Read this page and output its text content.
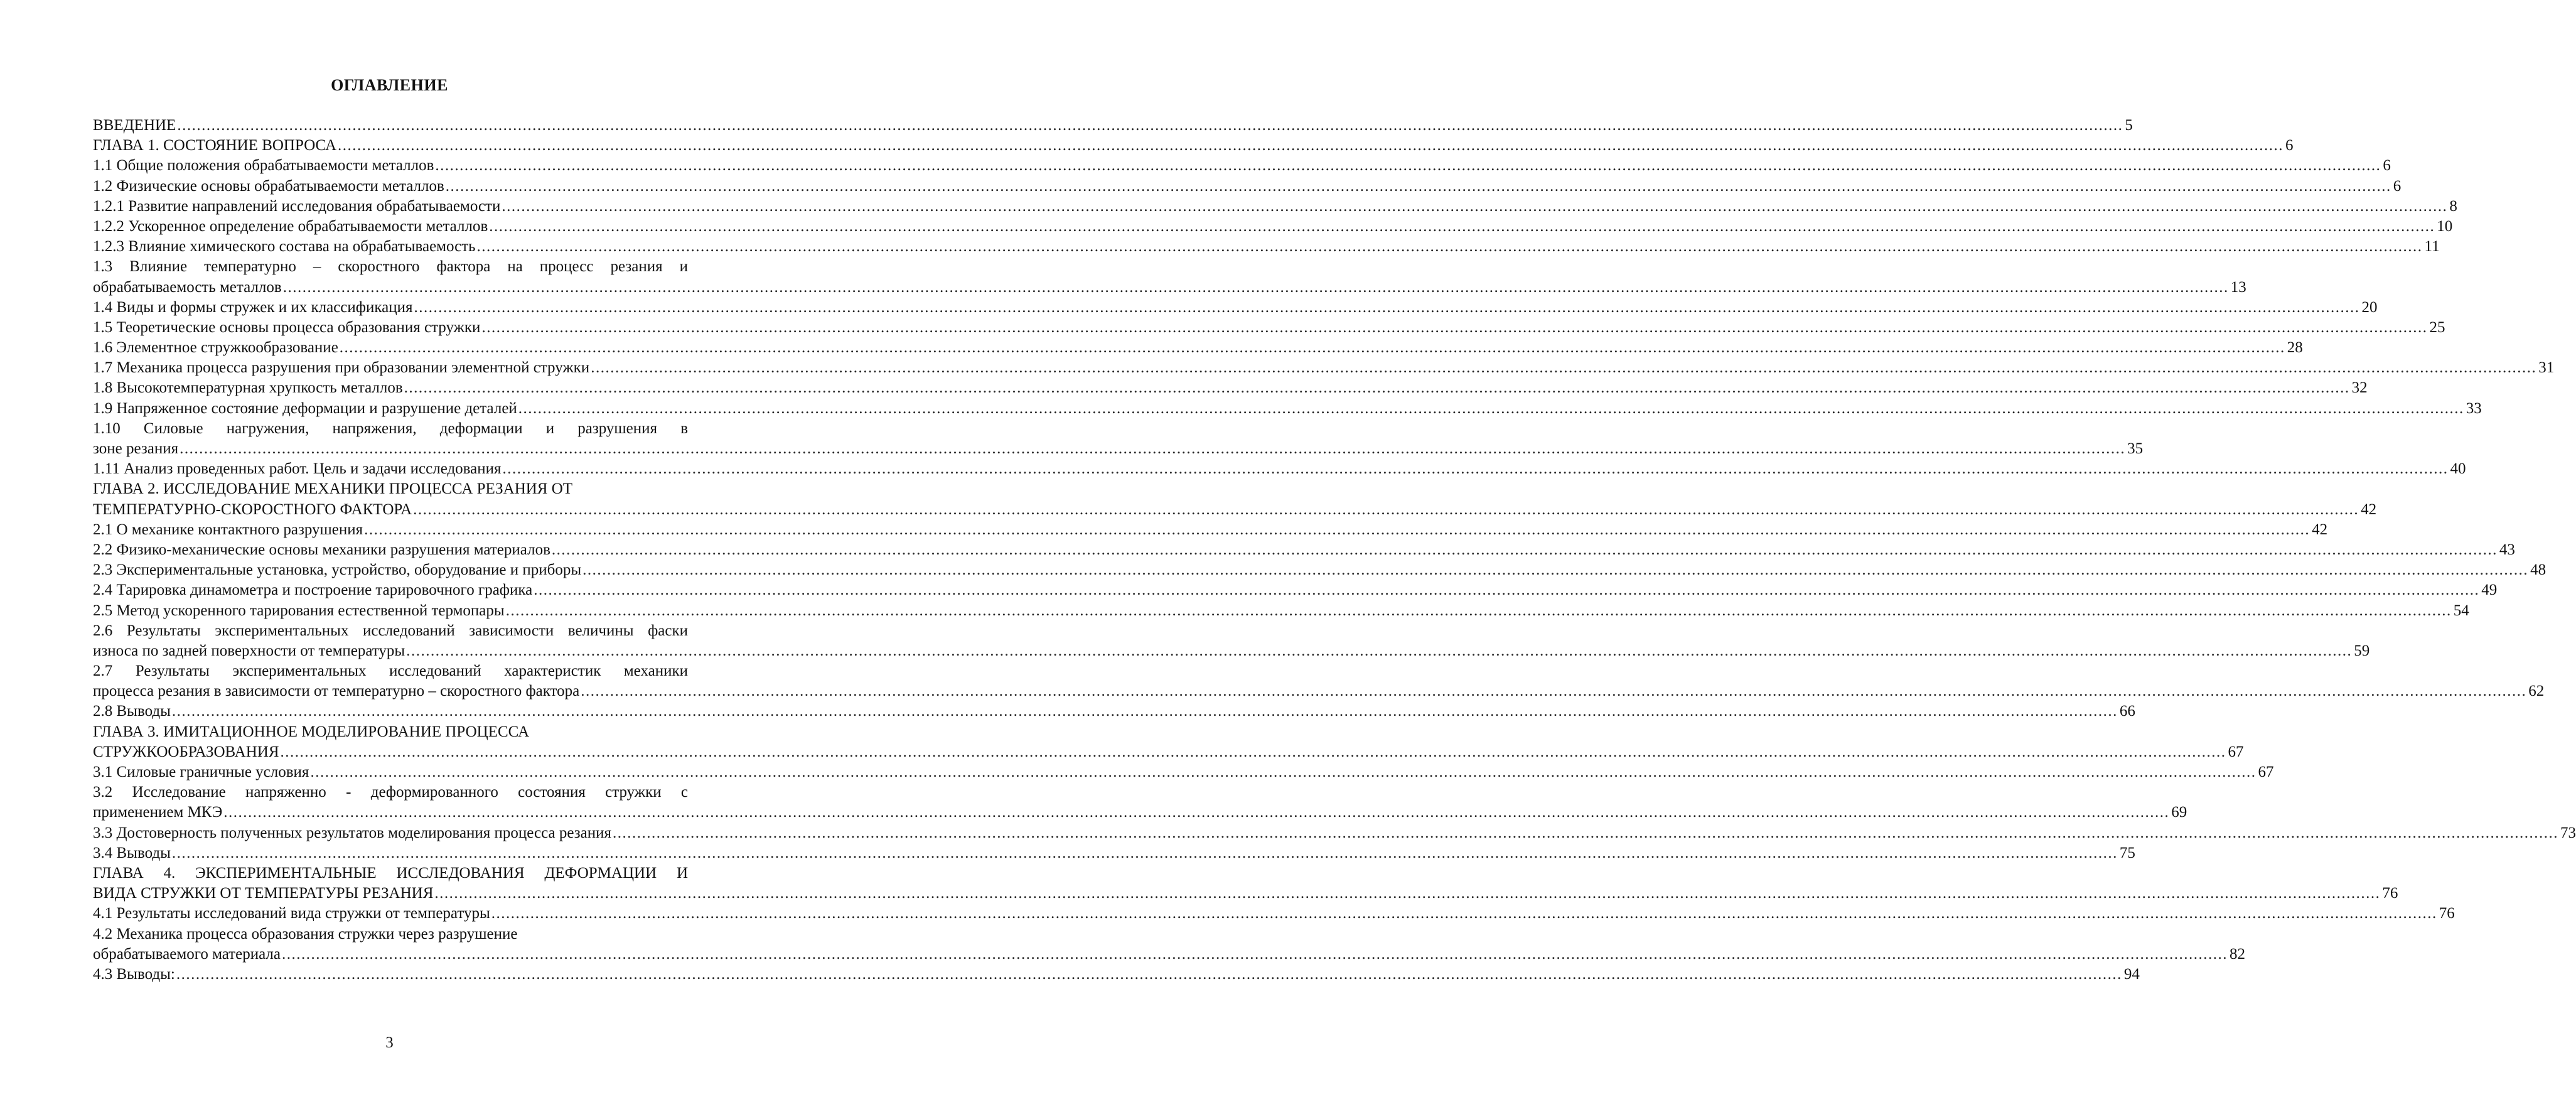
ОГЛАВЛЕНИЕ
ВВЕДЕНИЕ ................................................................................................................................................................................................................................................................................................................................................................................................................ 5
ГЛАВА 1. СОСТОЯНИЕ ВОПРОСА ................................................................................................................................................................................................................................................................................................................................................................................................................ 6
1.1 Общие положения обрабатываемости металлов ................................................................................................................................................................................................................................................................................................................................................................................................................ 6
1.2 Физические основы обрабатываемости металлов ................................................................................................................................................................................................................................................................................................................................................................................................................ 6
1.2.1 Развитие направлений исследования обрабатываемости ................................................................................................................................................................................................................................................................................................................................................................................................................ 8
1.2.2 Ускоренное определение обрабатываемости металлов ................................................................................................................................................................................................................................................................................................................................................................................................................ 10
1.2.3 Влияние химического состава на обрабатываемость ................................................................................................................................................................................................................................................................................................................................................................................................................ 11
1.3 Влияние температурно – скоростного фактора на процесс резания и
обрабатываемость металлов ................................................................................................................................................................................................................................................................................................................................................................................................................ 13
1.4 Виды и формы стружек и их классификация ................................................................................................................................................................................................................................................................................................................................................................................................................ 20
1.5 Теоретические основы процесса образования стружки ................................................................................................................................................................................................................................................................................................................................................................................................................ 25
1.6 Элементное стружкообразование ................................................................................................................................................................................................................................................................................................................................................................................................................ 28
1.7 Механика процесса разрушения при образовании элементной стружки ................................................................................................................................................................................................................................................................................................................................................................................................................ 31
1.8 Высокотемпературная хрупкость металлов ................................................................................................................................................................................................................................................................................................................................................................................................................ 32
1.9 Напряженное состояние деформации и разрушение деталей ................................................................................................................................................................................................................................................................................................................................................................................................................ 33
1.10 Силовые нагружения, напряжения, деформации и разрушения в
зоне резания ................................................................................................................................................................................................................................................................................................................................................................................................................ 35
1.11 Анализ проведенных работ. Цель и задачи исследования ................................................................................................................................................................................................................................................................................................................................................................................................................ 40
ГЛАВА 2. ИССЛЕДОВАНИЕ МЕХАНИКИ ПРОЦЕССА РЕЗАНИЯ ОТ
ТЕМПЕРАТУРНО-СКОРОСТНОГО ФАКТОРА ................................................................................................................................................................................................................................................................................................................................................................................................................ 42
2.1 О механике контактного разрушения ................................................................................................................................................................................................................................................................................................................................................................................................................ 42
2.2 Физико-механические основы механики разрушения материалов ................................................................................................................................................................................................................................................................................................................................................................................................................ 43
2.3 Экспериментальные установка, устройство, оборудование и приборы ................................................................................................................................................................................................................................................................................................................................................................................................................ 48
2.4 Тарировка динамометра и построение тарировочного графика ................................................................................................................................................................................................................................................................................................................................................................................................................ 49
2.5 Метод ускоренного тарирования естественной термопары ................................................................................................................................................................................................................................................................................................................................................................................................................ 54
2.6 Результаты экспериментальных исследований зависимости величины фаски
износа по задней поверхности от температуры ................................................................................................................................................................................................................................................................................................................................................................................................................ 59
2.7 Результаты экспериментальных исследований характеристик механики
процесса резания в зависимости от температурно – скоростного фактора ................................................................................................................................................................................................................................................................................................................................................................................................................ 62
2.8 Выводы ................................................................................................................................................................................................................................................................................................................................................................................................................ 66
ГЛАВА 3. ИМИТАЦИОННОЕ МОДЕЛИРОВАНИЕ ПРОЦЕССА
СТРУЖКООБРАЗОВАНИЯ ................................................................................................................................................................................................................................................................................................................................................................................................................ 67
3.1 Силовые граничные условия ................................................................................................................................................................................................................................................................................................................................................................................................................ 67
3.2 Исследование напряженно - деформированного состояния стружки с
применением МКЭ ................................................................................................................................................................................................................................................................................................................................................................................................................ 69
3.3 Достоверность полученных результатов моделирования процесса резания ................................................................................................................................................................................................................................................................................................................................................................................................................ 73
3.4 Выводы ................................................................................................................................................................................................................................................................................................................................................................................................................ 75
ГЛАВА 4. ЭКСПЕРИМЕНТАЛЬНЫЕ ИССЛЕДОВАНИЯ ДЕФОРМАЦИИ И
ВИДА СТРУЖКИ ОТ ТЕМПЕРАТУРЫ РЕЗАНИЯ ................................................................................................................................................................................................................................................................................................................................................................................................................ 76
4.1 Результаты исследований вида стружки от температуры ................................................................................................................................................................................................................................................................................................................................................................................................................ 76
4.2 Механика процесса образования стружки через разрушение
обрабатываемого материала ................................................................................................................................................................................................................................................................................................................................................................................................................ 82
4.3 Выводы: ................................................................................................................................................................................................................................................................................................................................................................................................................ 94
3
